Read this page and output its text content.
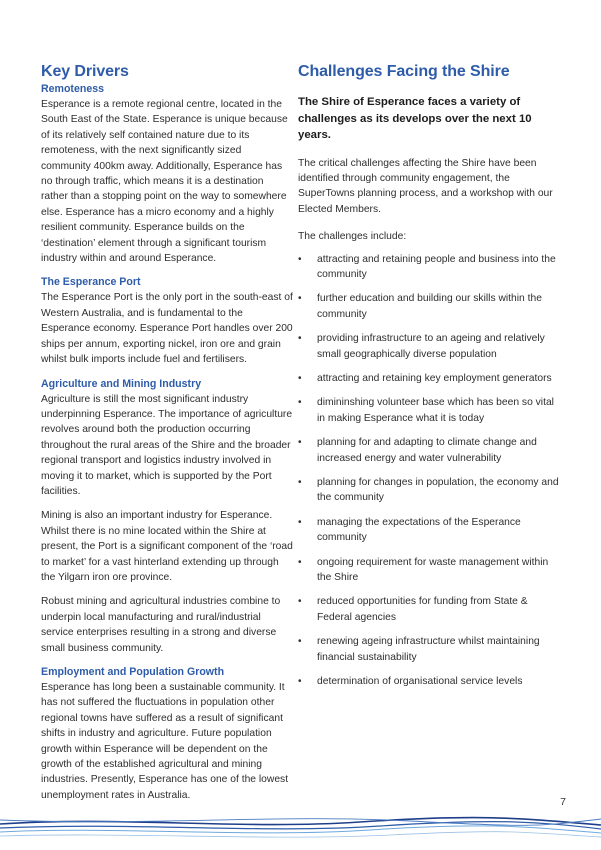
Key Drivers
Remoteness

Esperance is a remote regional centre, located in the South East of the State. Esperance is unique because of its relatively self contained nature due to its remoteness, with the next significantly sized community 400km away. Additionally, Esperance has no through traffic, which means it is a destination rather than a stopping point on the way to somewhere else. Esperance has a micro economy and a highly resilient community. Esperance builds on the ‘destination’ element through a significant tourism industry within and around Esperance.

The Esperance Port

The Esperance Port is the only port in the south-east of Western Australia, and is fundamental to the Esperance economy. Esperance Port handles over 200 ships per annum, exporting nickel, iron ore and grain whilst bulk imports include fuel and fertilisers.

Agriculture and Mining Industry

Agriculture is still the most significant industry underpinning Esperance. The importance of agriculture revolves around both the production occurring throughout the rural areas of the Shire and the broader regional transport and logistics industry involved in moving it to market, which is supported by the Port facilities.

Mining is also an important industry for Esperance. Whilst there is no mine located within the Shire at present, the Port is a significant component of the ‘road to market’ for a vast hinterland extending up through the Yilgarn iron ore province.

Robust mining and agricultural industries combine to underpin local manufacturing and rural/industrial service enterprises resulting in a strong and diverse small business community.

Employment and Population Growth

Esperance has long been a sustainable community. It has not suffered the fluctuations in population other regional towns have suffered as a result of significant shifts in industry and agriculture. Future population growth within Esperance will be dependent on the growth of the established agricultural and mining industries. Presently, Esperance has one of the lowest unemployment rates in Australia.

Challenges Facing the Shire

The Shire of Esperance faces a variety of challenges as its develops over the next 10 years.

The critical challenges affecting the Shire have been identified through community engagement, the SuperTowns planning process, and a workshop with our Elected Members.

The challenges include:

• attracting and retaining people and business into the community
• further education and building our skills within the community
• providing infrastructure to an ageing and relatively small geographically diverse population
• attracting and retaining key employment generators
• dimininshing volunteer base which has been so vital in making Esperance what it is today
• planning for and adapting to climate change and increased energy and water vulnerability
• planning for changes in population, the economy and the community
• managing the expectations of the Esperance community
• ongoing requirement for waste management within the Shire
• reduced opportunities for funding from State & Federal agencies
• renewing ageing infrastructure whilst maintaining financial sustainability
• determination of organisational service levels
7
